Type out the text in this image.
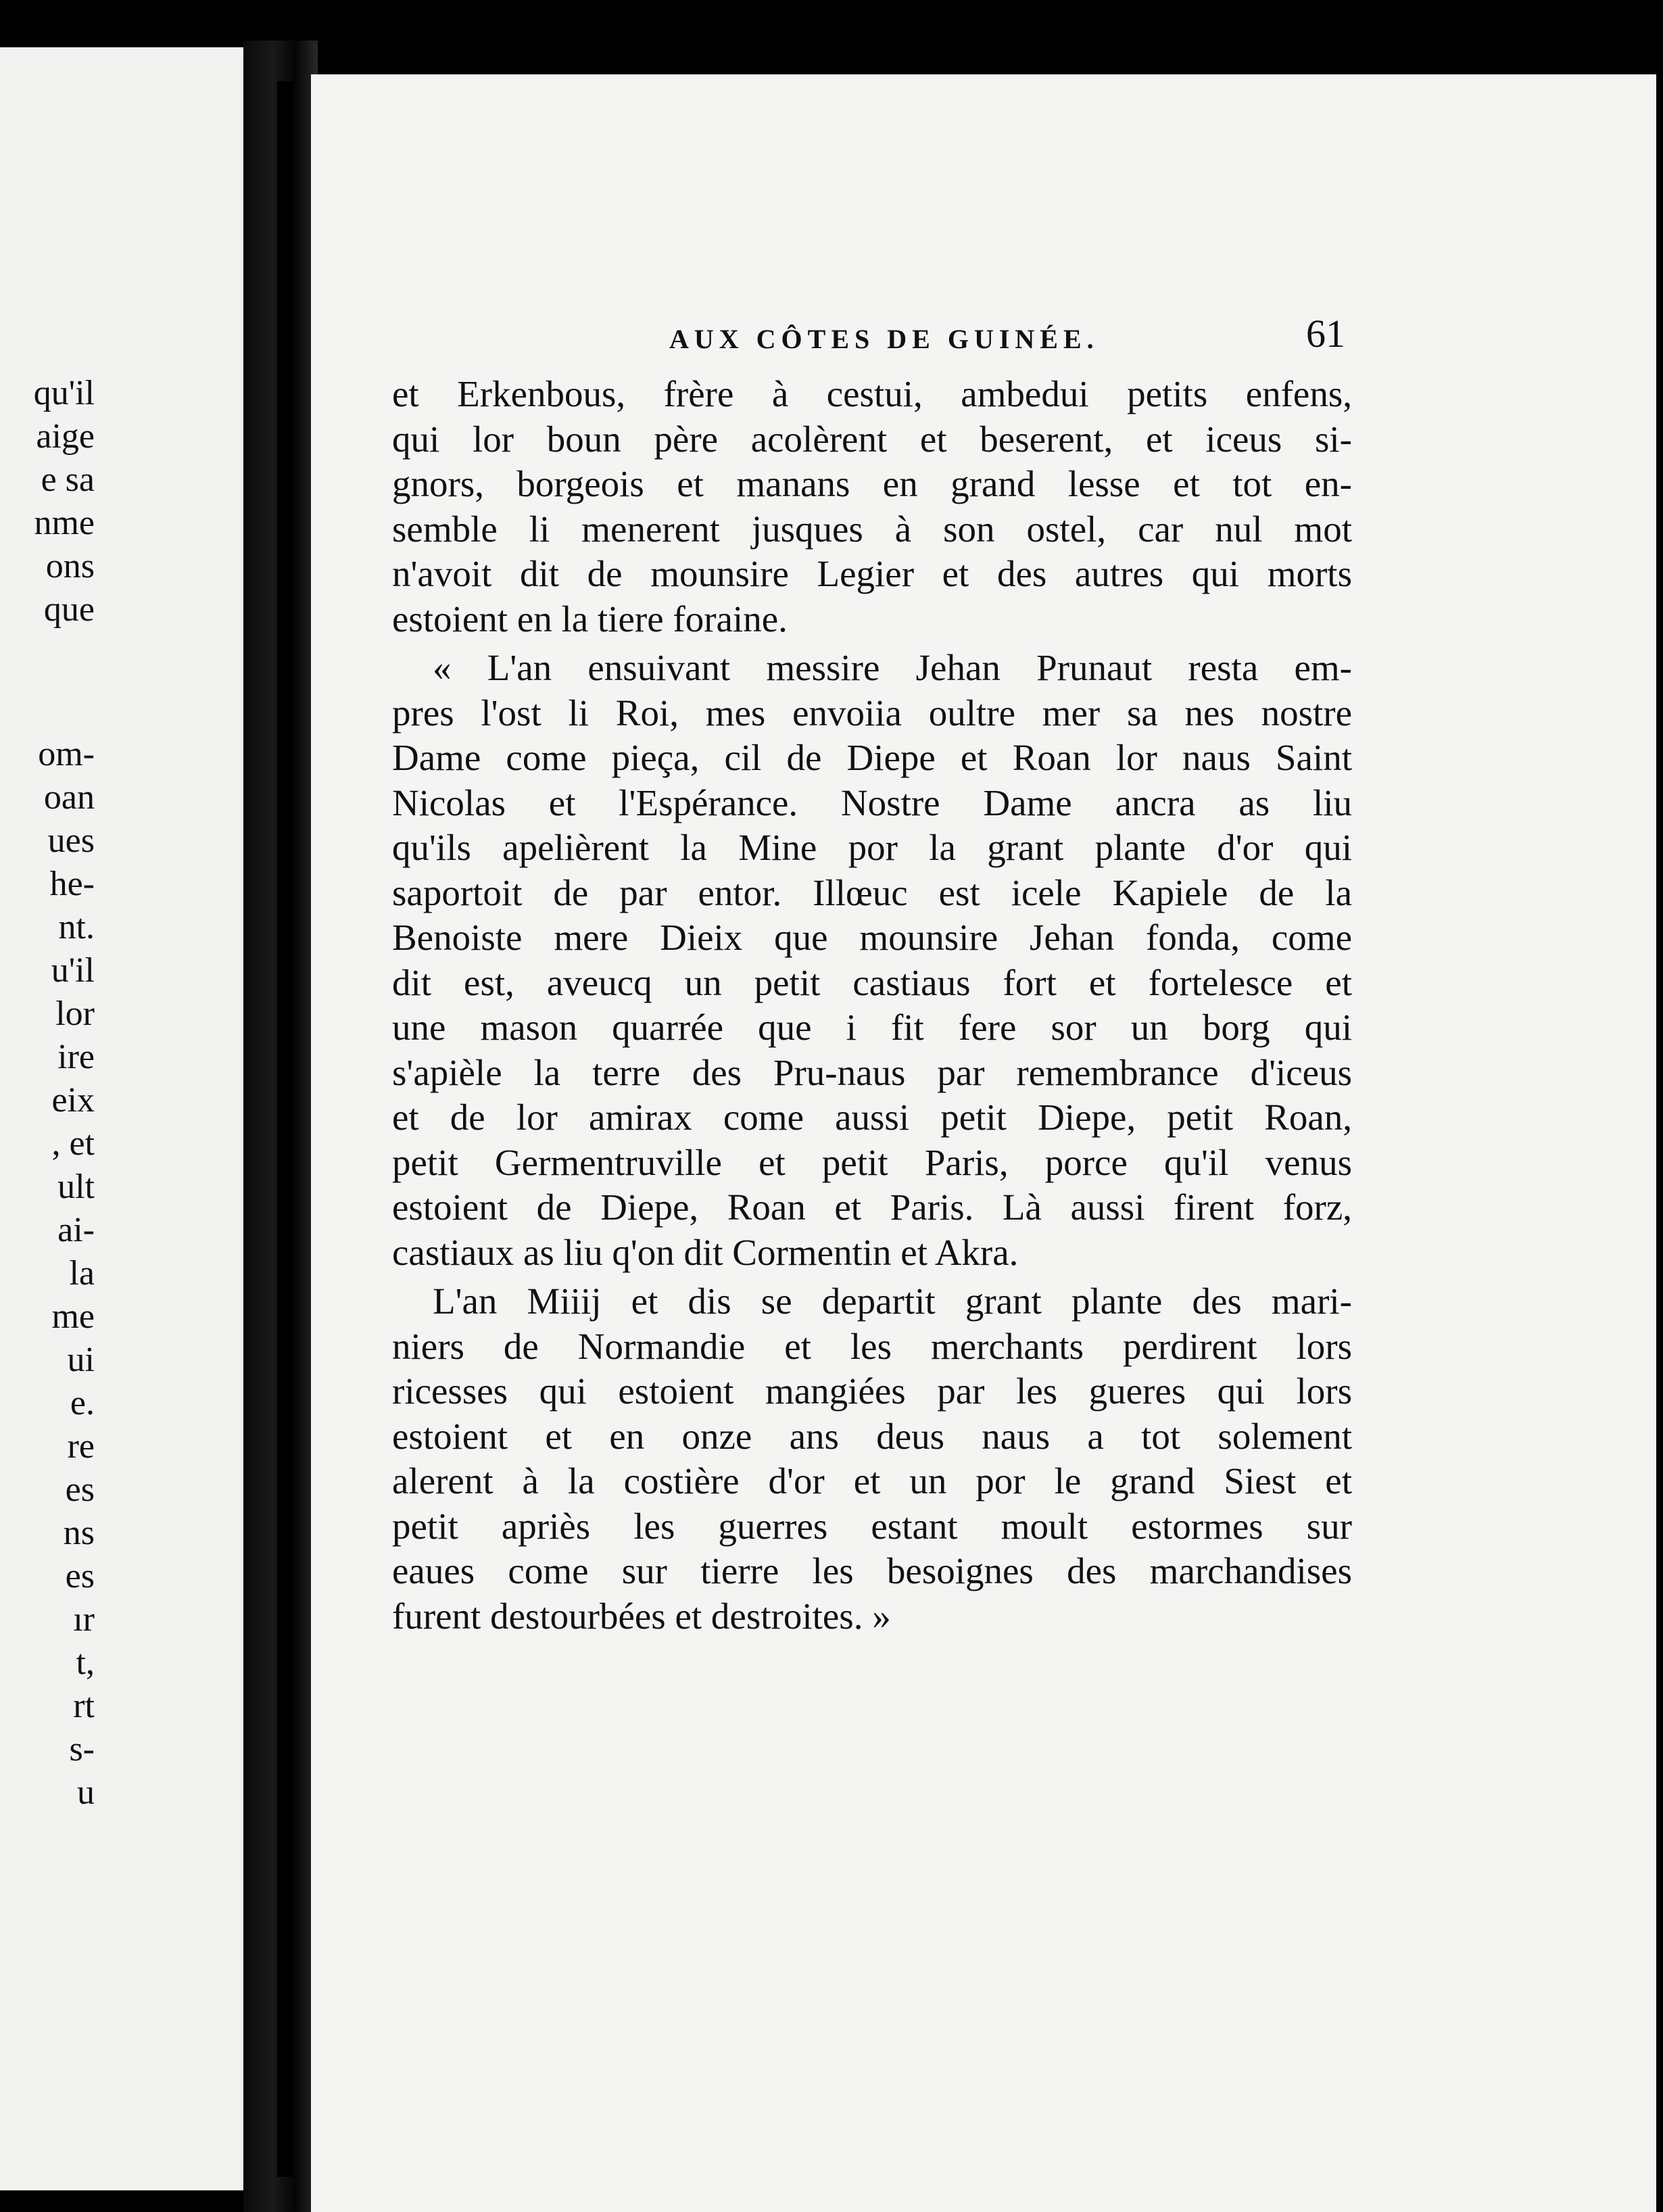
qu'il
aige
e sa
nme
ons
que
om-
oan
ues
he-
nt.
u'il
lor
ire
eix
, et
ult
ai-
la
me
ui
e.
re
es
ns
es
ır
t,
rt
s-
u
AUX CÔTES DE GUINÉE.	61

et Erkenbous, frère à cestui, ambedui petits enfens,
qui lor boun père acolèrent et beserent, et iceus si-
gnors, borgeois et manans en grand lesse et tot en-
semble li menerent jusques à son ostel, car nul mot
n'avoit dit de mounsire Legier et des autres qui morts
estoient en la tiere foraine.

« L'an ensuivant messire Jehan Prunaut resta em-
pres l'ost li Roi, mes envoiia oultre mer sa nes nostre
Dame come pieça, cil de Diepe et Roan lor naus Saint
Nicolas et l'Espérance. Nostre Dame ancra as liu
qu'ils apelièrent la Mine por la grant plante d'or qui
saportoit de par entor. Illœuc est icele Kapiele de la
Benoiste mere Dieix que mounsire Jehan fonda, come
dit est, aveucq un petit castiaus fort et fortelesce et
une mason quarrée que i fit fere sor un borg qui
s'apièle la terre des Pru-naus par remembrance d'iceus
et de lor amirax come aussi petit Diepe, petit Roan,
petit Germentruville et petit Paris, porce qu'il venus
estoient de Diepe, Roan et Paris. Là aussi firent forz,
castiaux as liu q'on dit Cormentin et Akra.

L'an Miiij et dis se departit grant plante des mari-
niers de Normandie et les merchants perdirent lors
ricesses qui estoient mangiées par les gueres qui lors
estoient et en onze ans deus naus a tot solement
alerent à la costière d'or et un por le grand Siest et
petit apriès les guerres estant moult estormes sur
eaues come sur tierre les besoignes des marchandises
furent destourbées et destroites. »
